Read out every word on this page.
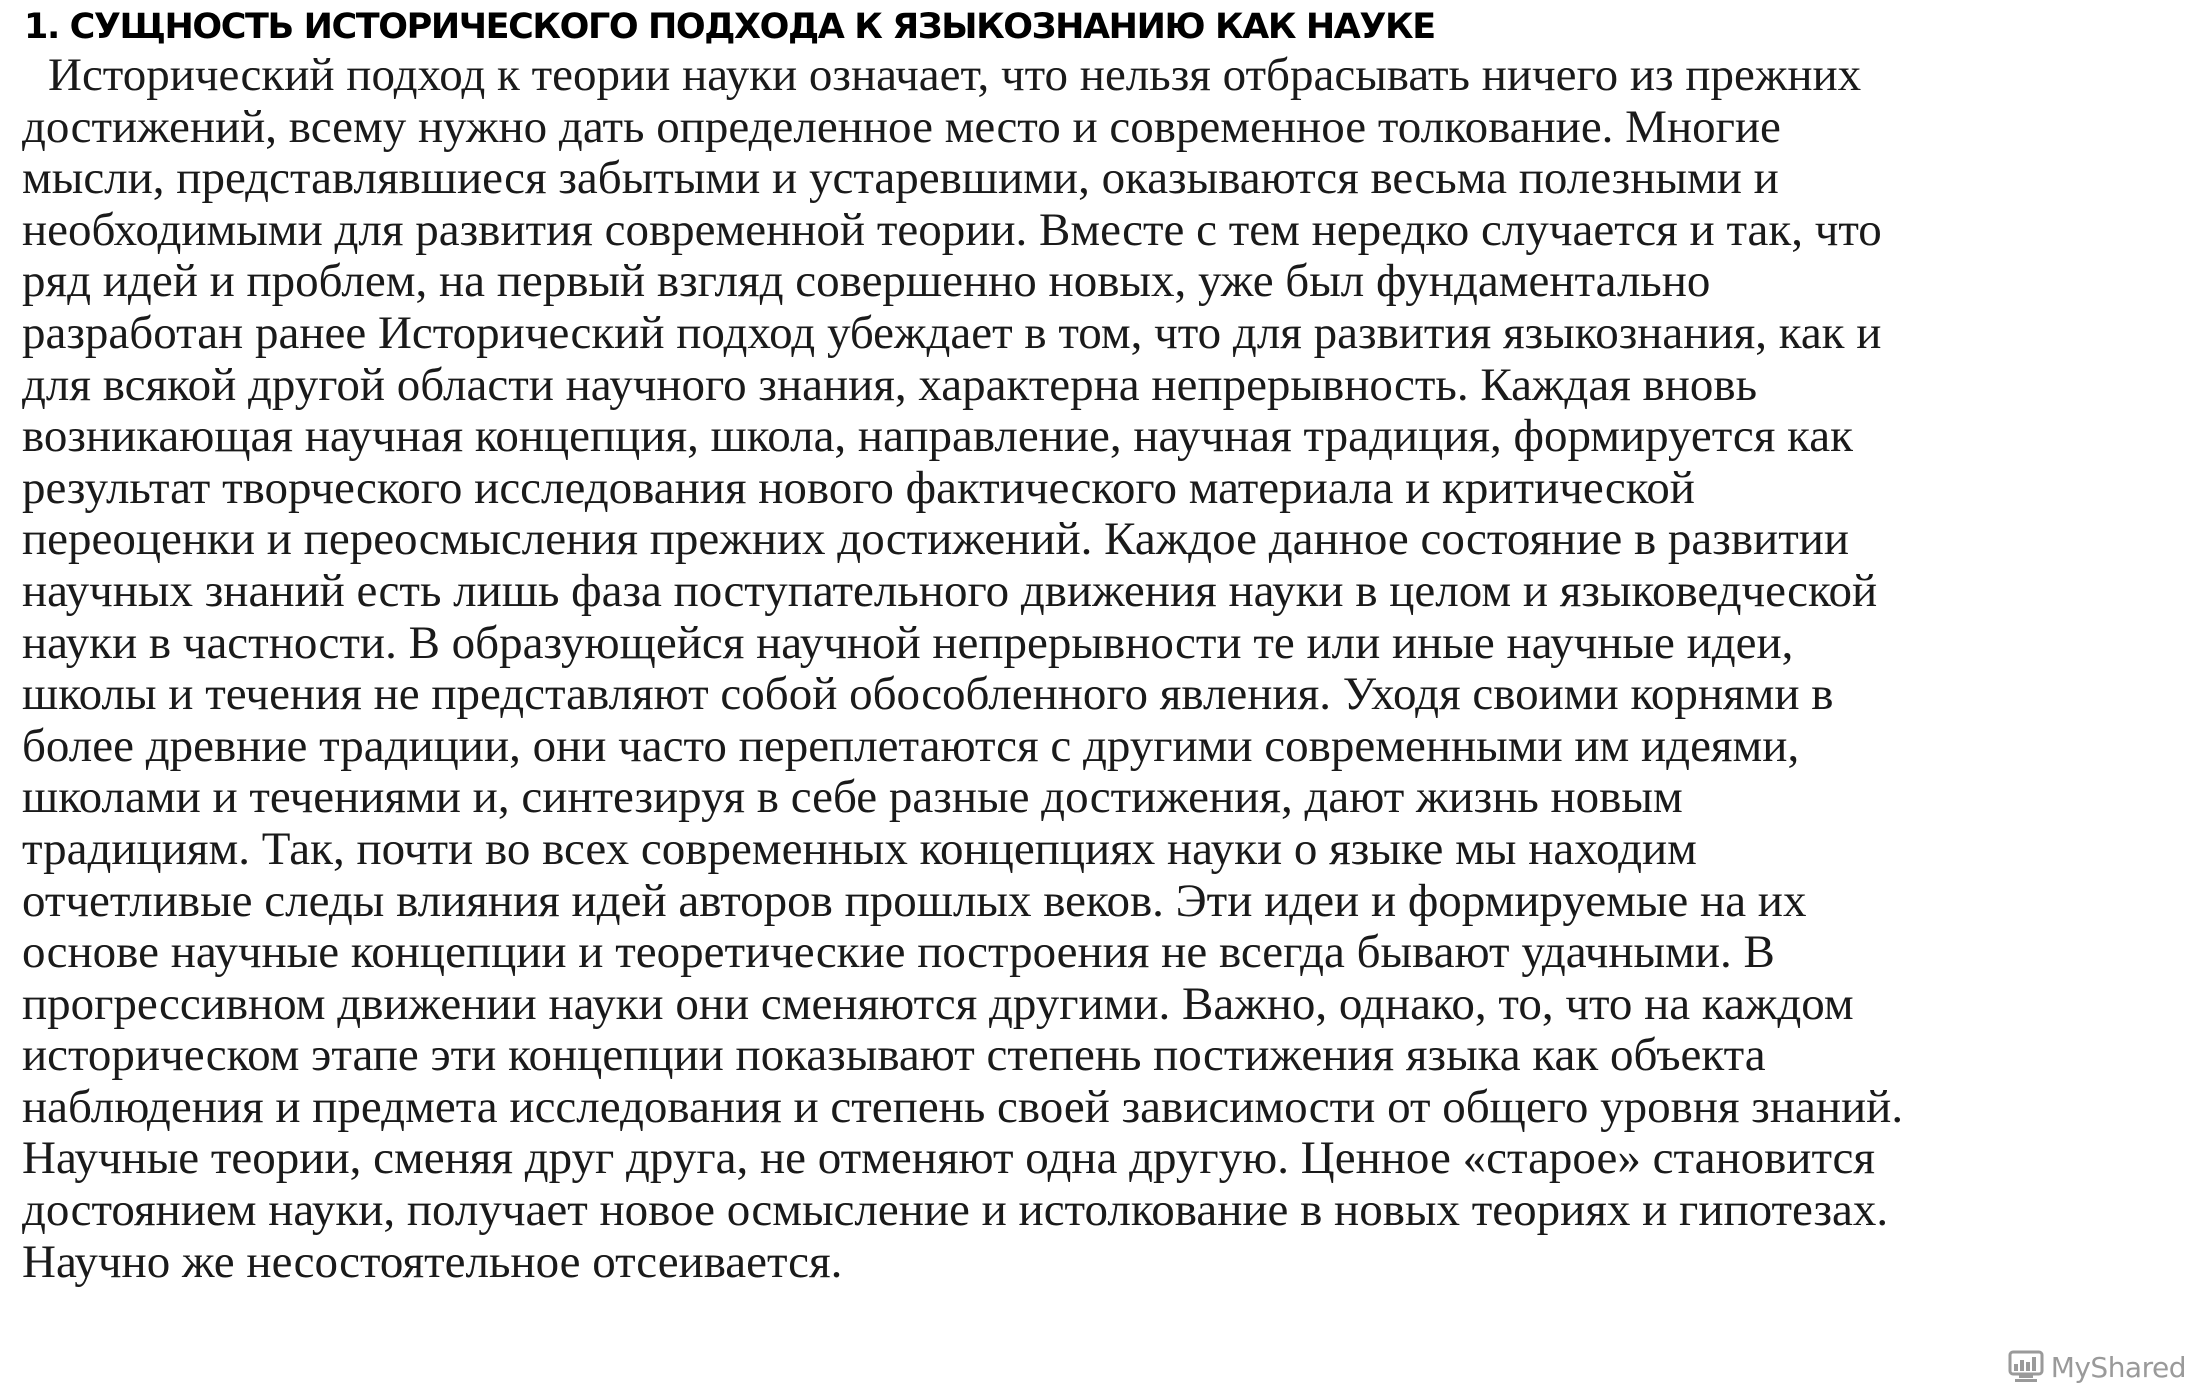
1. СУЩНОСТЬ ИСТОРИЧЕСКОГО ПОДХОДА К ЯЗЫКОЗНАНИЮ КАК НАУКЕ
Исторический подход к теории науки означает, что нельзя отбрасывать ничего из прежних
достижений, всему нужно дать определенное место и современное толкование. Многие
мысли, представлявшиеся забытыми и устаревшими, оказываются весьма полезными и
необходимыми для развития современной теории. Вместе с тем нередко случается и так, что
ряд идей и проблем, на первый взгляд совершенно новых, уже был фундаментально
разработан ранее Исторический подход убеждает в том, что для развития языкознания, как и
для всякой другой области научного знания, характерна непрерывность. Каждая вновь
возникающая научная концепция, школа, направление, научная традиция, формируется как
результат творческого исследования нового фактического материала и критической
переоценки и переосмысления прежних достижений. Каждое данное состояние в развитии
научных знаний есть лишь фаза поступательного движения науки в целом и языковедческой
науки в частности. В образующейся научной непрерывности те или иные научные идеи,
школы и течения не представляют собой обособленного явления. Уходя своими корнями в
более древние традиции, они часто переплетаются с другими современными им идеями,
школами и течениями и, синтезируя в себе разные достижения, дают жизнь новым
традициям. Так, почти во всех современных концепциях науки о языке мы находим
отчетливые следы влияния идей авторов прошлых веков. Эти идеи и формируемые на их
основе научные концепции и теоретические построения не всегда бывают удачными. В
прогрессивном движении науки они сменяются другими. Важно, однако, то, что на каждом
историческом этапе эти концепции показывают степень постижения языка как объекта
наблюдения и предмета исследования и степень своей зависимости от общего уровня знаний.
Научные теории, сменяя друг друга, не отменяют одна другую. Ценное «старое» становится
достоянием науки, получает новое осмысление и истолкование в новых теориях и гипотезах.
Научно же несостоятельное отсеивается.
MyShared
